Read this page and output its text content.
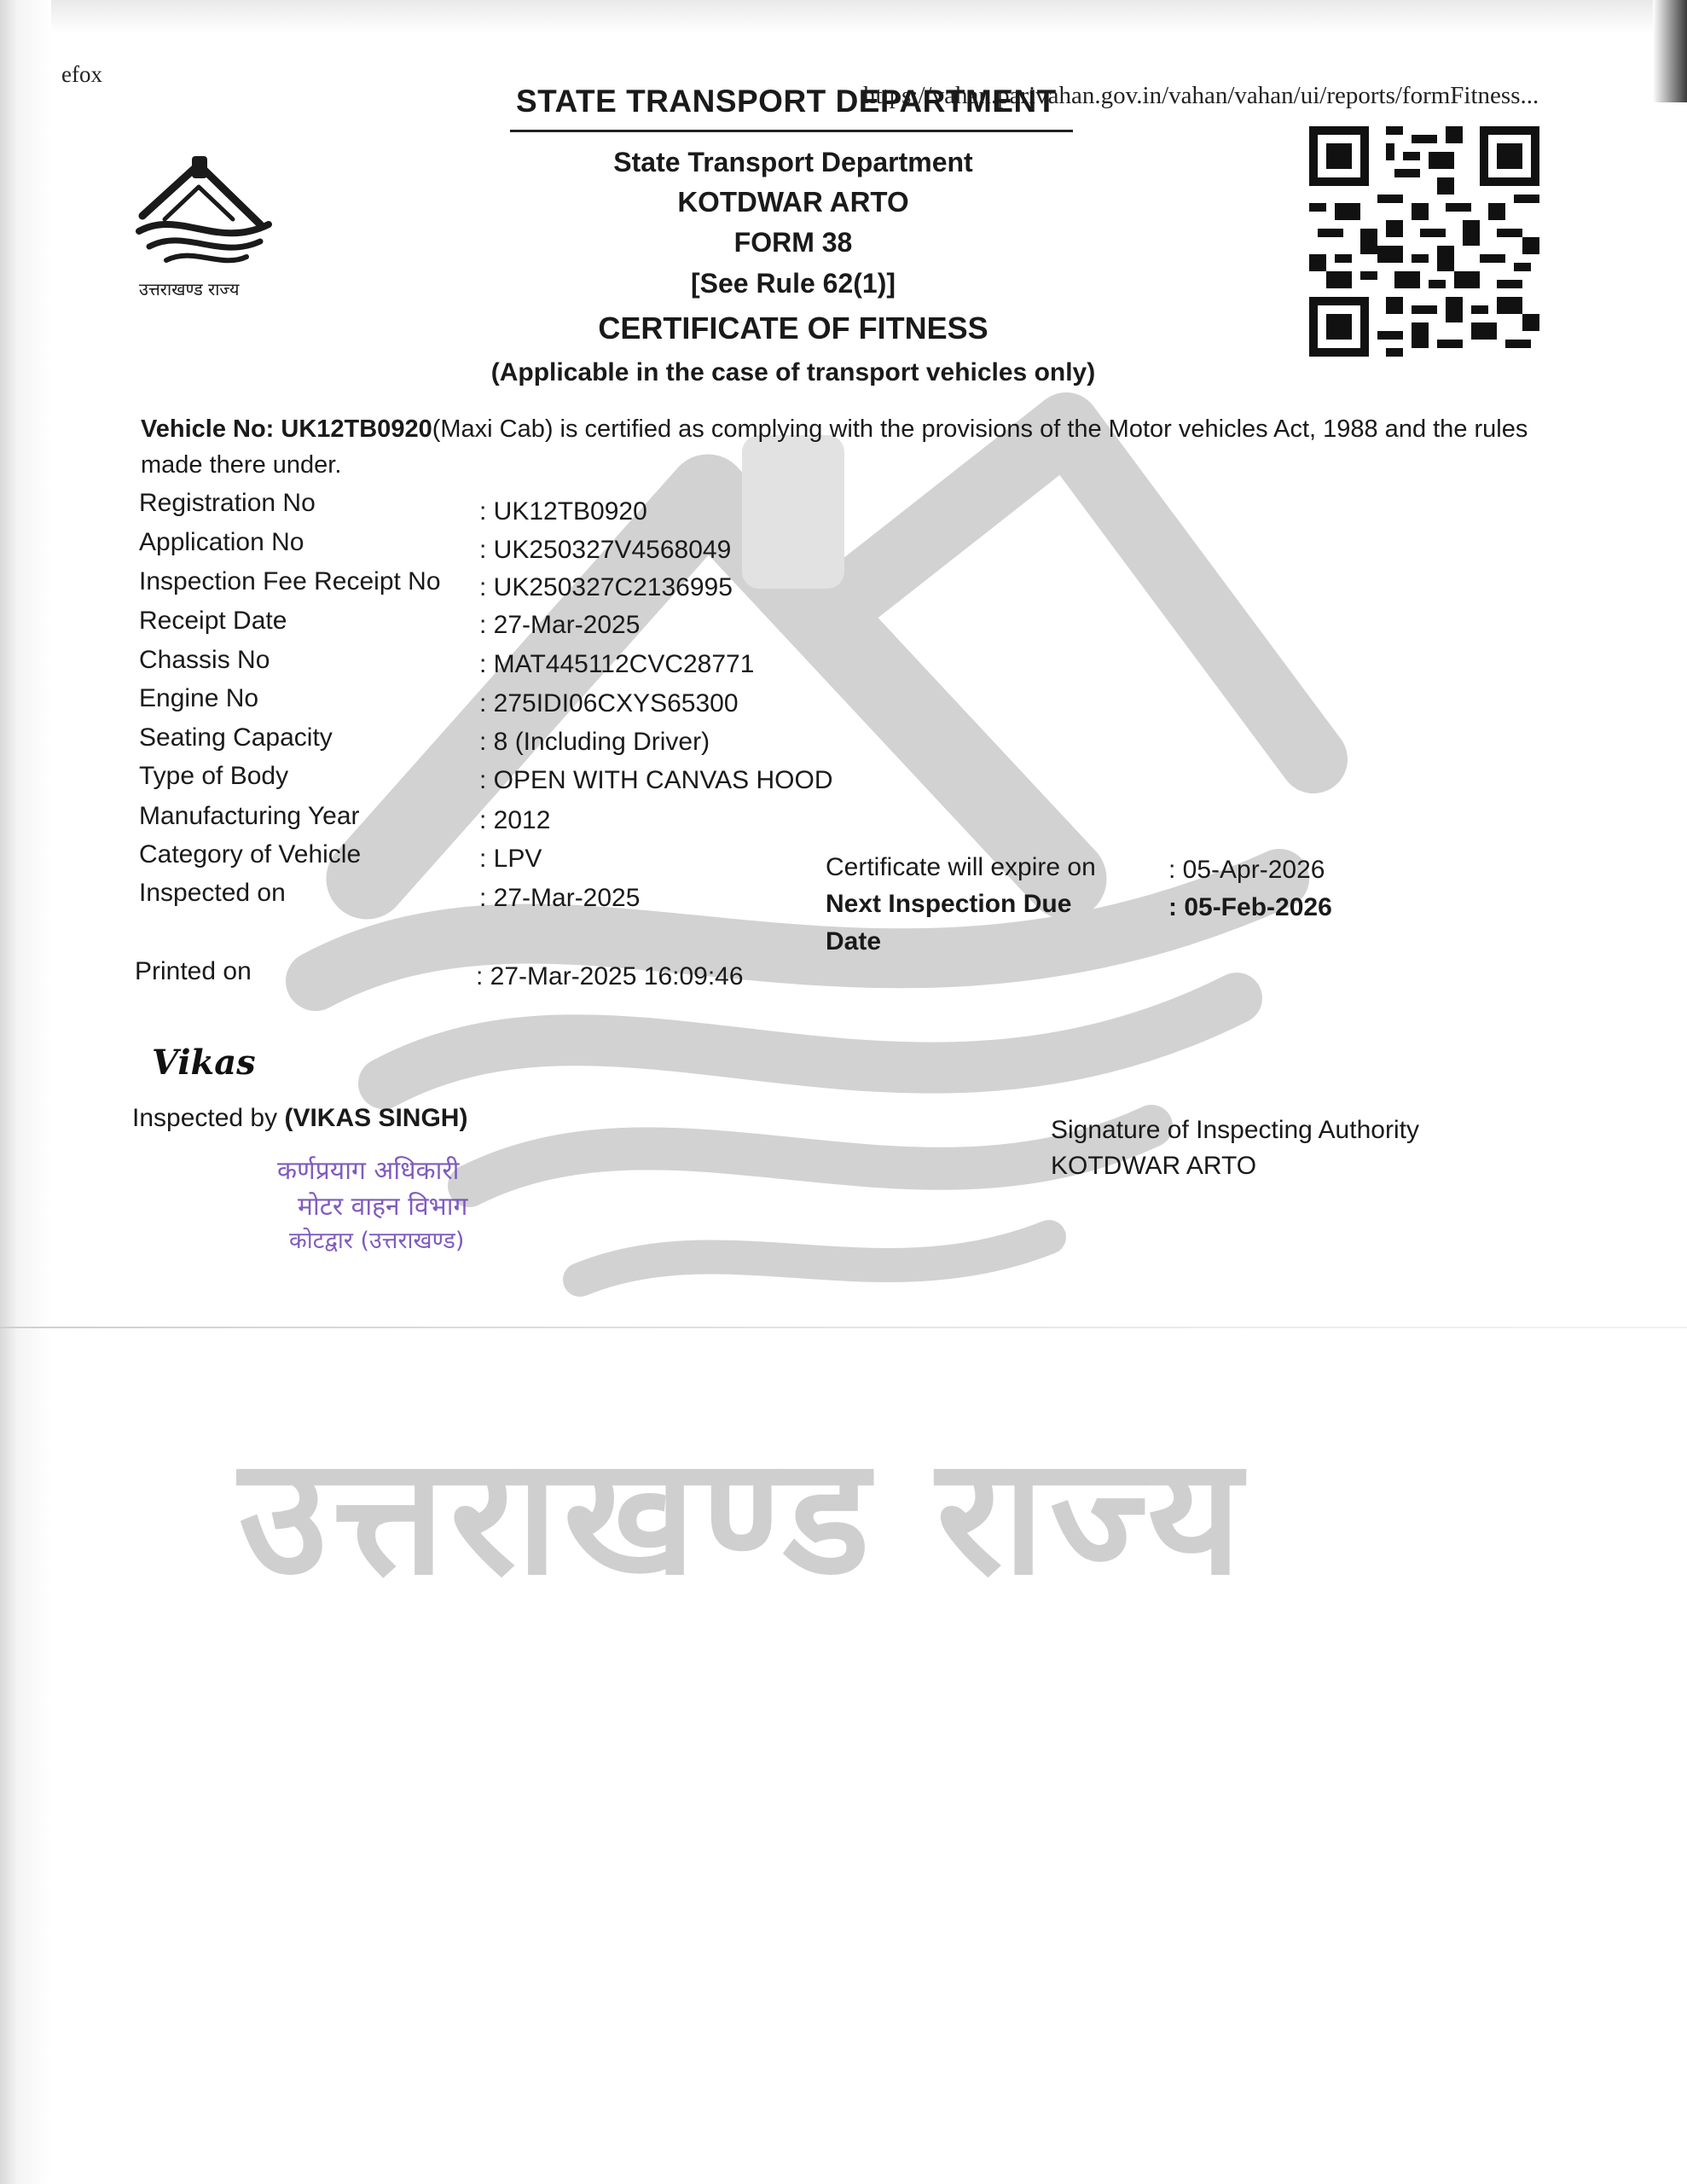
उत्तराखण्ड राज्य
efox
https://vahan.parivahan.gov.in/vahan/vahan/ui/reports/formFitness...
STATE TRANSPORT DEPARTMENT
State Transport Department
KOTDWAR ARTO
FORM 38
[See Rule 62(1)]
CERTIFICATE OF FITNESS
(Applicable in the case of transport vehicles only)
उत्तराखण्ड राज्य
Vehicle No: UK12TB0920(Maxi Cab) is certified as complying with the provisions of the Motor vehicles Act, 1988 and the rules made there under.
Registration No	: UK12TB0920
Application No	: UK250327V4568049
Inspection Fee Receipt No : UK250327C2136995
Receipt Date	: 27-Mar-2025
Chassis No	: MAT445112CVC28771
Engine No	: 275IDI06CXYS65300
Seating Capacity	: 8 (Including Driver)
Type of Body	: OPEN WITH CANVAS HOOD
Manufacturing Year	: 2012
Category of Vehicle	: LPV
Inspected on	: 27-Mar-2025
Printed on	: 27-Mar-2025 16:09:46
Certificate will expire on	: 05-Apr-2026
Next Inspection Due
Date
: 05-Feb-2026
Vikas
Inspected by (VIKAS SINGH)	Signature of Inspecting Authority
KOTDWAR ARTO
कर्णप्रयाग अधिकारी
मोटर वाहन विभाग
कोटद्वार (उत्तराखण्ड)
